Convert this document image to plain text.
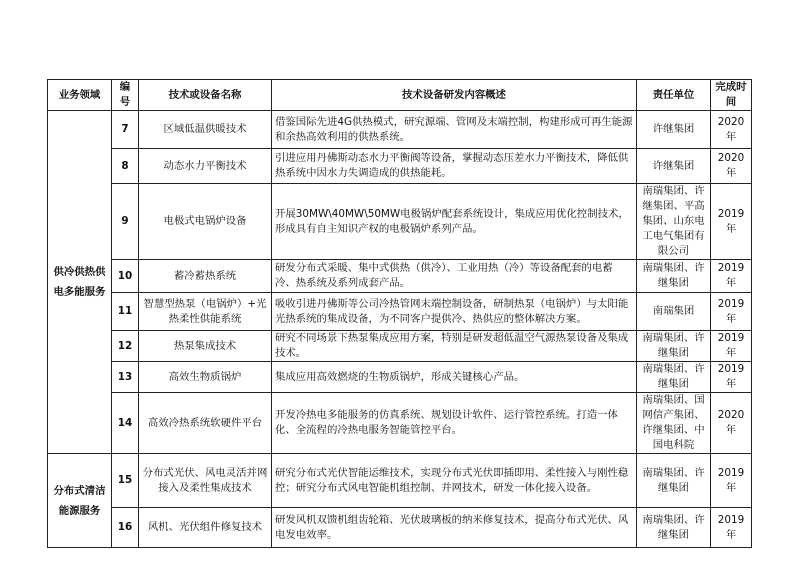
业务领域	编号	技术或设备名称	技术设备研发内容概述	责任单位	完成时间
供冷供热供电多能服务	7	区域低温供暖技术	借鉴国际先进4G供热模式，研究源端、管网及末端控制，构建形成可再生能源和余热高效利用的供热系统。	许继集团	2020 年
	8	动态水力平衡技术	引进应用丹佛斯动态水力平衡阀等设备，掌握动态压差水力平衡技术，降低供热系统中因水力失调造成的供热能耗。	许继集团	2020 年
	9	电极式电锅炉设备	开展30MW\40MW\50MW电极锅炉配套系统设计，集成应用优化控制技术，形成具有自主知识产权的电极锅炉系列产品。	南瑞集团、许继集团、平高集团、山东电工电气集团有限公司	2019 年
	10	蓄冷蓄热系统	研发分布式采暖、集中式供热（供冷）、工业用热（冷）等设备配套的电蓄冷、热系统及系列成套产品。	南瑞集团、许继集团	2019 年
	11	智慧型热泵（电锅炉）+光热柔性供能系统	吸收引进丹佛斯等公司冷热管网末端控制设备，研制热泵（电锅炉）与太阳能光热系统的集成设备，为不同客户提供冷、热供应的整体解决方案。	南瑞集团	2019 年
	12	热泵集成技术	研究不同场景下热泵集成应用方案，特别是研发超低温空气源热泵设备及集成技术。	南瑞集团、许继集团	2019 年
	13	高效生物质锅炉	集成应用高效燃烧的生物质锅炉，形成关键核心产品。	南瑞集团、许继集团	2019 年
	14	高效冷热系统软硬件平台	开发冷热电多能服务的仿真系统、规划设计软件、运行管控系统。打造一体化、全流程的冷热电服务智能管控平台。	南瑞集团、国网信产集团、许继集团、中国电科院	2020 年
分布式清洁能源服务	15	分布式光伏、风电灵活并网接入及柔性集成技术	研究分布式光伏智能运维技术，实现分布式光伏即插即用、柔性接入与刚性稳控；研究分布式风电智能机组控制、并网技术，研发一体化接入设备。	南瑞集团、许继集团	2019 年
	16	风机、光伏组件修复技术	研发风机双馈机组齿轮箱、光伏玻璃板的纳米修复技术，提高分布式光伏、风电发电效率。	南瑞集团、许继集团	2019 年
